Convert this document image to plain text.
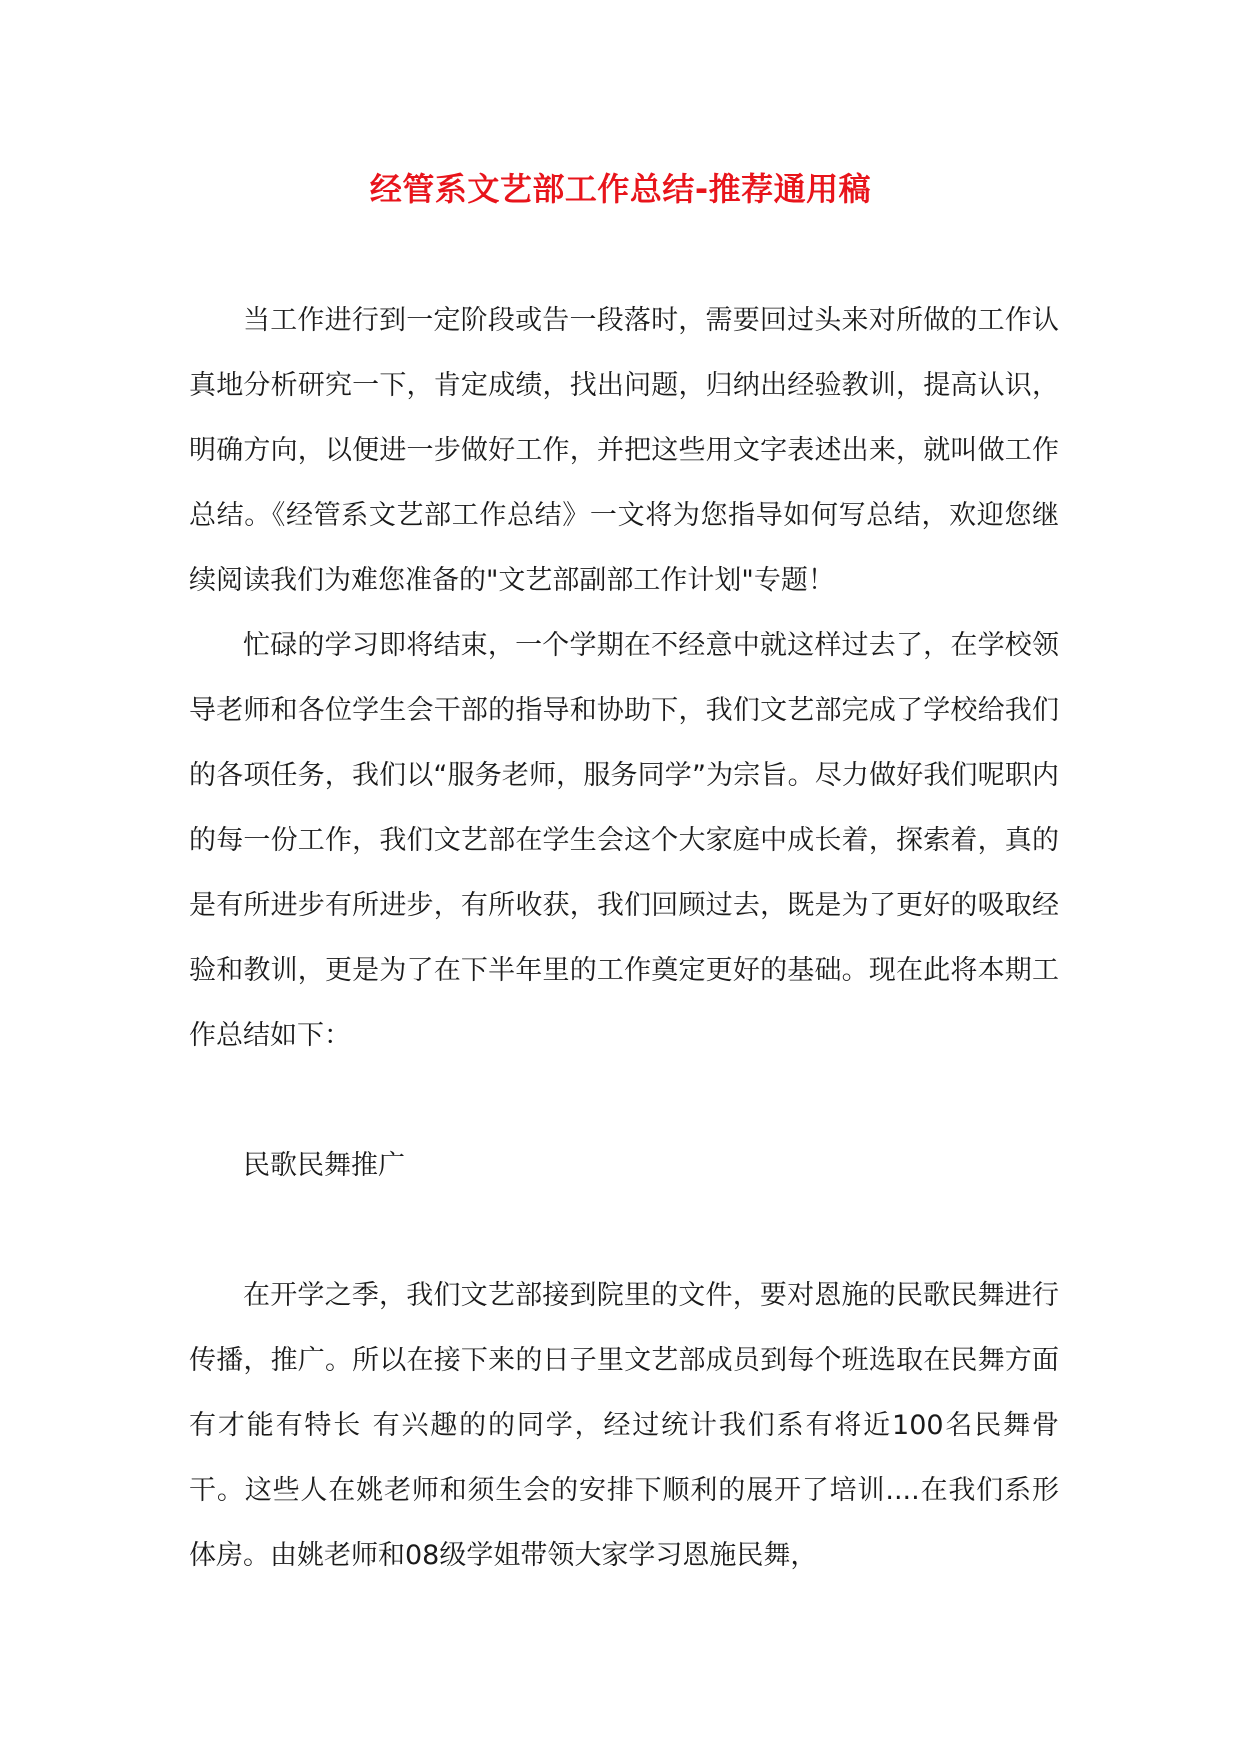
经管系文艺部工作总结-推荐通用稿

当工作进行到一定阶段或告一段落时，需要回过头来对所做的工作认真地分析研究一下，肯定成绩，找出问题，归纳出经验教训，提高认识，明确方向，以便进一步做好工作，并把这些用文字表述出来，就叫做工作总结。《经管系文艺部工作总结》一文将为您指导如何写总结，欢迎您继续阅读我们为难您准备的"文艺部副部工作计划"专题！

忙碌的学习即将结束，一个学期在不经意中就这样过去了，在学校领导老师和各位学生会干部的指导和协助下，我们文艺部完成了学校给我们的各项任务，我们以“服务老师，服务同学”为宗旨。尽力做好我们呢职内的每一份工作，我们文艺部在学生会这个大家庭中成长着，探索着，真的是有所进步有所进步，有所收获，我们回顾过去，既是为了更好的吸取经验和教训，更是为了在下半年里的工作奠定更好的基础。现在此将本期工作总结如下：

民歌民舞推广

在开学之季，我们文艺部接到院里的文件，要对恩施的民歌民舞进行传播，推广。所以在接下来的日子里文艺部成员到每个班选取在民舞方面有才能有特长 有兴趣的的同学，经过统计我们系有将近100名民舞骨干。这些人在姚老师和须生会的安排下顺利的展开了培训....在我们系形体房。由姚老师和08级学姐带领大家学习恩施民舞，
